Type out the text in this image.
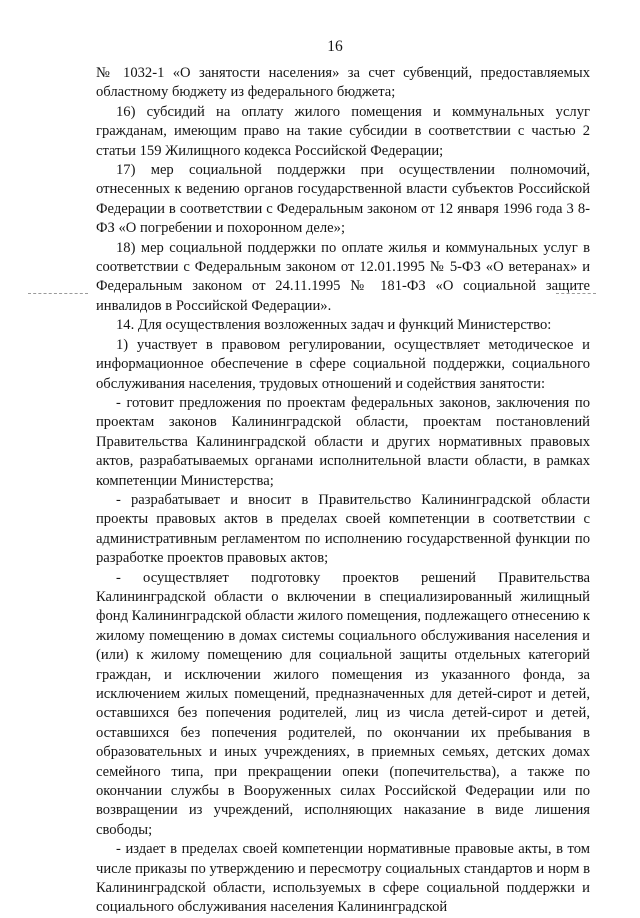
16

№ 1032-1 «О занятости населения» за счет субвенций, предоставляемых областному бюджету из федерального бюджета;

16) субсидий на оплату жилого помещения и коммунальных услуг гражданам, имеющим право на такие субсидии в соответствии с частью 2 статьи 159 Жилищного кодекса Российской Федерации;

17) мер социальной поддержки при осуществлении полномочий, отнесенных к ведению органов государственной власти субъектов Российской Федерации в соответствии с Федеральным законом от 12 января 1996 года 3 8-ФЗ «О погребении и похоронном деле»;

18) мер социальной поддержки по оплате жилья и коммунальных услуг в соответствии с Федеральным законом от 12.01.1995 № 5-ФЗ «О ветеранах» и Федеральным законом от 24.11.1995 № 181-ФЗ «О социальной защите инвалидов в Российской Федерации».

14. Для осуществления возложенных задач и функций Министерство:

1) участвует в правовом регулировании, осуществляет методическое и информационное обеспечение в сфере социальной поддержки, социального обслуживания населения, трудовых отношений и содействия занятости:

- готовит предложения по проектам федеральных законов, заключения по проектам законов Калининградской области, проектам постановлений Правительства Калининградской области и других нормативных правовых актов, разрабатываемых органами исполнительной власти области, в рамках компетенции Министерства;

- разрабатывает и вносит в Правительство Калининградской области проекты правовых актов в пределах своей компетенции в соответствии с административным регламентом по исполнению государственной функции по разработке проектов правовых актов;

- осуществляет подготовку проектов решений Правительства Калининградской области о включении в специализированный жилищный фонд Калининградской области жилого помещения, подлежащего отнесению к жилому помещению в домах системы социального обслуживания населения и (или) к жилому помещению для социальной защиты отдельных категорий граждан, и исключении жилого помещения из указанного фонда, за исключением жилых помещений, предназначенных для детей-сирот и детей, оставшихся без попечения родителей, лиц из числа детей-сирот и детей, оставшихся без попечения родителей, по окончании их пребывания в образовательных и иных учреждениях, в приемных семьях, детских домах семейного типа, при прекращении опеки (попечительства), а также по окончании службы в Вооруженных силах Российской Федерации или по возвращении из учреждений, исполняющих наказание в виде лишения свободы;

- издает в пределах своей компетенции нормативные правовые акты, в том числе приказы по утверждению и пересмотру социальных стандартов и норм в Калининградской области, используемых в сфере социальной поддержки и социального обслуживания населения Калининградской
